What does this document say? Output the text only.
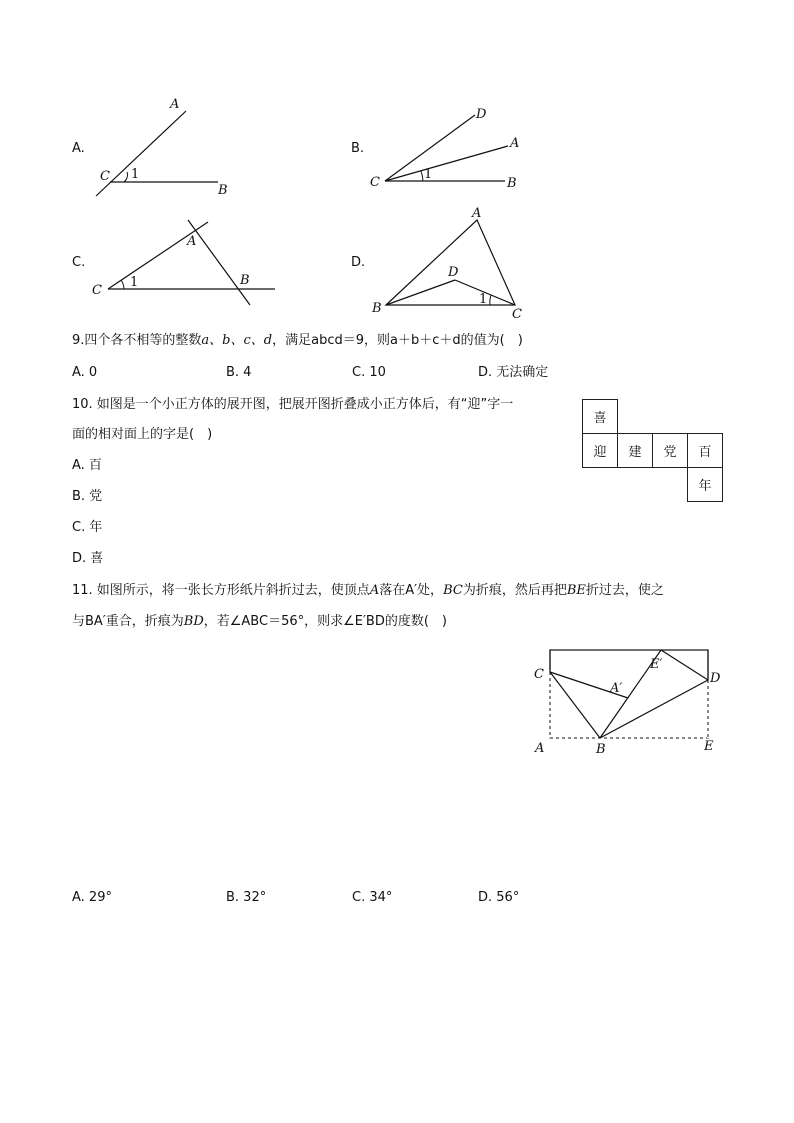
A.
A
C 1
B
B.
D
A
C
1
B
C.
A
C
1	B
D.
A
D
B
1
C
9.四个各不相等的整数a、b、c、d，满足abcd＝9，则a＋b＋c＋d的值为(　)
A. 0	B. 4	C. 10	D. 无法确定
10. 如图是一个小正方体的展开图，把展开图折叠成小正方体后，有“迎”字一
面的相对面上的字是(　)
A. 百
B. 党
C. 年
D. 喜
喜			
迎	建	党	百
			年
11. 如图所示，将一张长方形纸片斜折过去，使顶点A落在A′处，BC为折痕，然后再把BE折过去，使之
与BA′重合，折痕为BD，若∠ABC＝56°，则求∠E′BD的度数(　)
C
A′
E′
D
A	B	E
A. 29°	B. 32°	C. 34°	D. 56°
